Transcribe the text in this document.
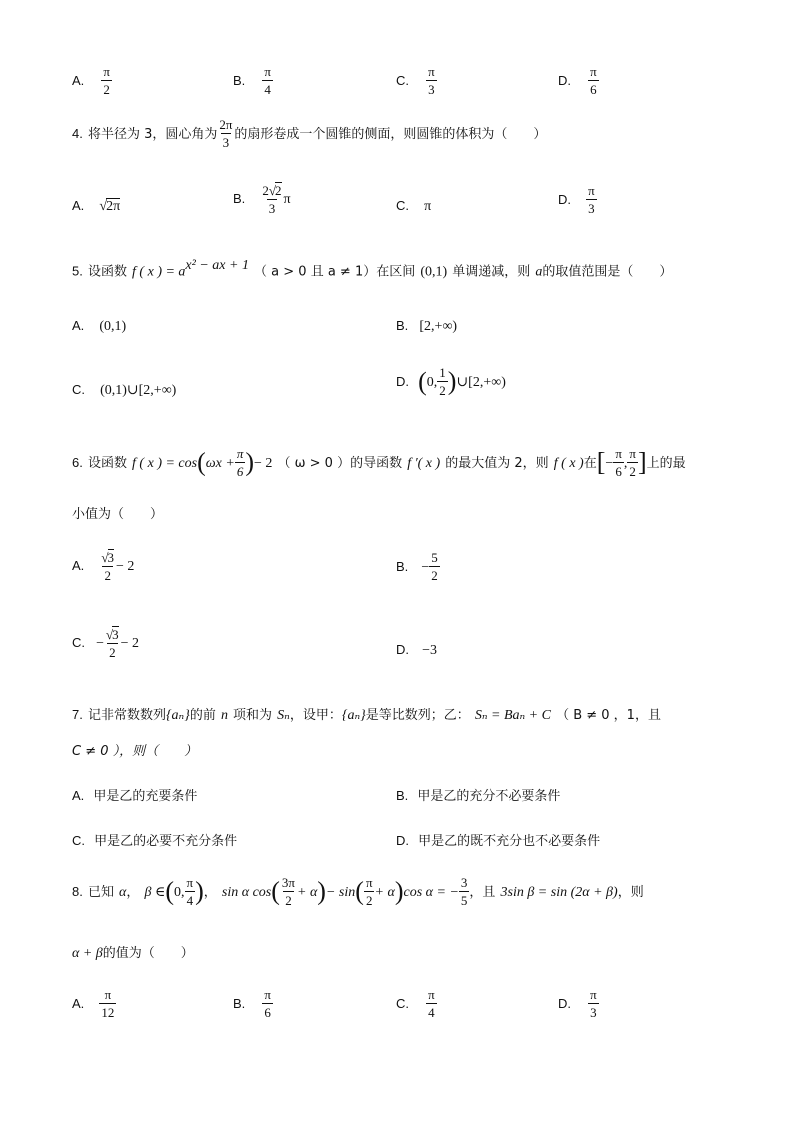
A. $\frac{\pi}{2}$	B. $\frac{\pi}{4}$	C. $\frac{\pi}{3}$	D. $\frac{\pi}{6}$
4. 将半径为 3，圆心角为 $\frac{2\pi}{3}$ 的扇形卷成一个圆锥的侧面，则圆锥的体积为（　　）
A. √2π
B. $\frac{2√2}{3}$ π	C. π	D. $\frac{\pi}{3}$
5. 设函数 f ( x ) = $a^{x^2 - ax + 1}$ （ a > 0 且 a ≠ 1）在区间 (0,1) 单调递减，则 a的取值范围是（　　）
A. (0,1)	B. [2,+∞)
C. (0,1)∪[2,+∞)
D. (0, $\frac{1}{2}$ )∪[2,+∞)
6. 设函数 f ( x ) = $\cos(\omega x + \frac{\pi}{6}$ )− 2 （ ω > 0 ）的导函数 f ′( x ) 的最大值为 2，则 f ( x )在[− $\frac{\pi}{6}$ , $\frac{\pi}{2}$ ]上的最
小值为（　　）
A. $\frac{√3}{2} - 2$	B. − $\frac{5}{2}$
C. − $\frac{√3}{2} - 2$	D. −3
7. 记非常数数列{aₙ}的前 n 项和为 Sₙ，设甲：{aₙ}是等比数列；乙： Sₙ = Baₙ + C （ B ≠ 0 ，1，且
C ≠ 0 ），则（　　）
A. 甲是乙的充要条件	B. 甲是乙的充分不必要条件
C. 甲是乙的必要不充分条件	D. 甲是乙的既不充分也不必要条件
8. 已知 α， β ∈(0, $\frac{\pi}{4}$ )， sin α $\cos( \frac{3\pi}{2} + \alpha)- \sin( \frac{\pi}{2} + \alpha)\cos$ α = − $\frac{3}{5}$ ，且 3sin β = sin (2α + β)，则
α + β的值为（　　）
A. $\frac{\pi}{12}$	B. $\frac{\pi}{6}$	C. $\frac{\pi}{4}$	D. $\frac{\pi}{3}$
